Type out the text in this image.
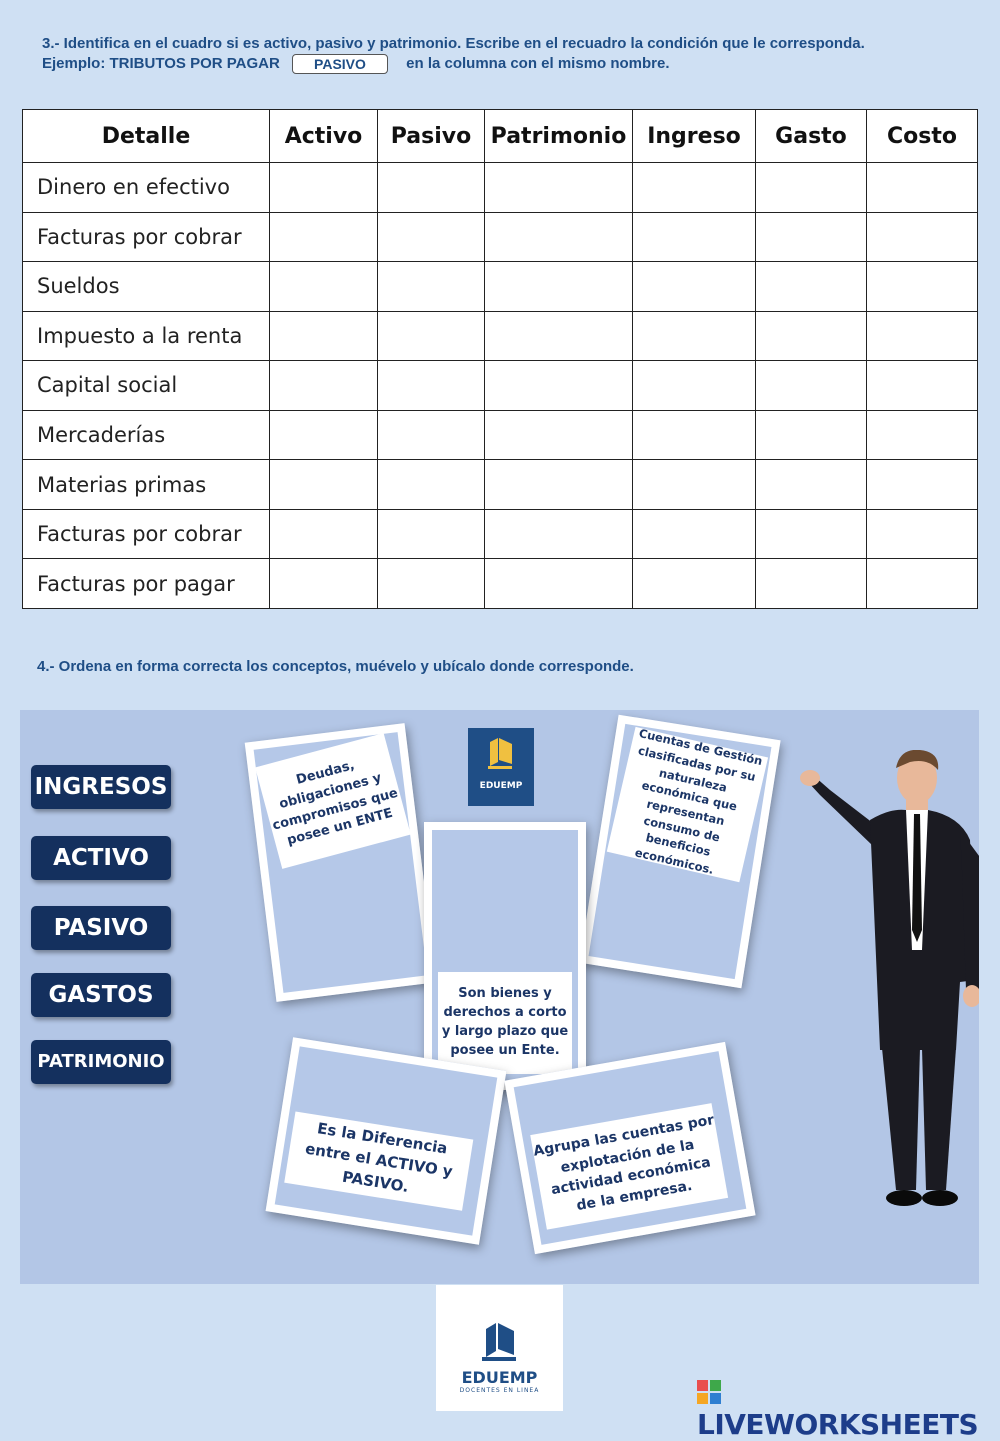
3.- Identifica en el cuadro si es activo, pasivo y patrimonio. Escribe en el recuadro la condición que le corresponda.
Ejemplo: TRIBUTOS POR PAGAR PASIVO	en la columna con el mismo nombre.
Detalle	Activo	Pasivo	Patrimonio	Ingreso	Gasto	Costo
Dinero en efectivo						
Facturas por cobrar						
Sueldos						
Impuesto a la renta						
Capital social						
Mercaderías						
Materias primas						
Facturas por cobrar						
Facturas por pagar						
4.- Ordena en forma correcta los conceptos, muévelo y ubícalo donde corresponde.
INGRESOS
ACTIVO
PASIVO
GASTOS
PATRIMONIO
Deudas, obligaciones y compromisos que posee un ENTE
Cuentas de Gestión clasificadas por su naturaleza económica que representan consumo de beneficios económicos.
Son bienes y derechos a corto y largo plazo que posee un Ente.
Es la Diferencia entre el ACTIVO y PASIVO.
Agrupa las cuentas por explotación de la actividad económica de la empresa.
EDUEMP
EDUEMP
DOCENTES EN LINEA
LIVEWORKSHEETS
